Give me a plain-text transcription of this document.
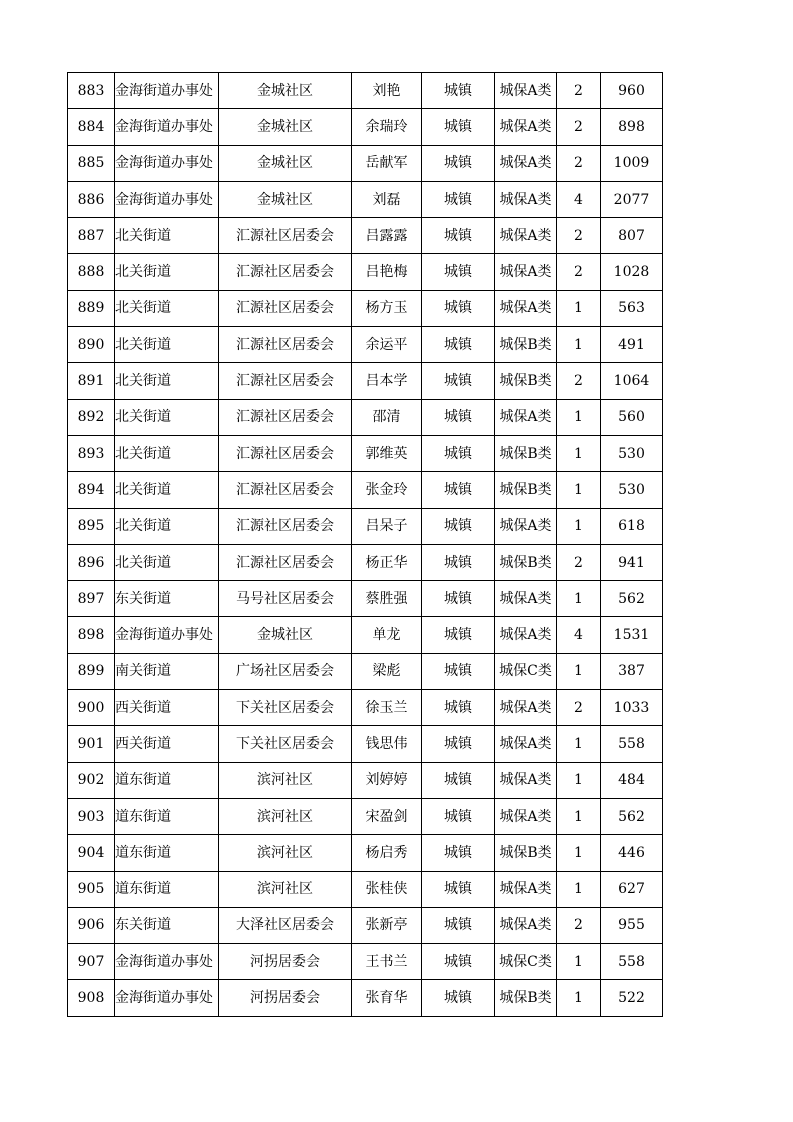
883	金海街道办事处	金城社区	刘艳	城镇	城保A类	2	960
884	金海街道办事处	金城社区	余瑞玲	城镇	城保A类	2	898
885	金海街道办事处	金城社区	岳献军	城镇	城保A类	2	1009
886	金海街道办事处	金城社区	刘磊	城镇	城保A类	4	2077
887	北关街道	汇源社区居委会	吕露露	城镇	城保A类	2	807
888	北关街道	汇源社区居委会	吕艳梅	城镇	城保A类	2	1028
889	北关街道	汇源社区居委会	杨方玉	城镇	城保A类	1	563
890	北关街道	汇源社区居委会	余运平	城镇	城保B类	1	491
891	北关街道	汇源社区居委会	吕本学	城镇	城保B类	2	1064
892	北关街道	汇源社区居委会	邵清	城镇	城保A类	1	560
893	北关街道	汇源社区居委会	郭维英	城镇	城保B类	1	530
894	北关街道	汇源社区居委会	张金玲	城镇	城保B类	1	530
895	北关街道	汇源社区居委会	吕呆子	城镇	城保A类	1	618
896	北关街道	汇源社区居委会	杨正华	城镇	城保B类	2	941
897	东关街道	马号社区居委会	蔡胜强	城镇	城保A类	1	562
898	金海街道办事处	金城社区	单龙	城镇	城保A类	4	1531
899	南关街道	广场社区居委会	梁彪	城镇	城保C类	1	387
900	西关街道	下关社区居委会	徐玉兰	城镇	城保A类	2	1033
901	西关街道	下关社区居委会	钱思伟	城镇	城保A类	1	558
902	道东街道	滨河社区	刘婷婷	城镇	城保A类	1	484
903	道东街道	滨河社区	宋盈剑	城镇	城保A类	1	562
904	道东街道	滨河社区	杨启秀	城镇	城保B类	1	446
905	道东街道	滨河社区	张桂侠	城镇	城保A类	1	627
906	东关街道	大泽社区居委会	张新亭	城镇	城保A类	2	955
907	金海街道办事处	河拐居委会	王书兰	城镇	城保C类	1	558
908	金海街道办事处	河拐居委会	张育华	城镇	城保B类	1	522
